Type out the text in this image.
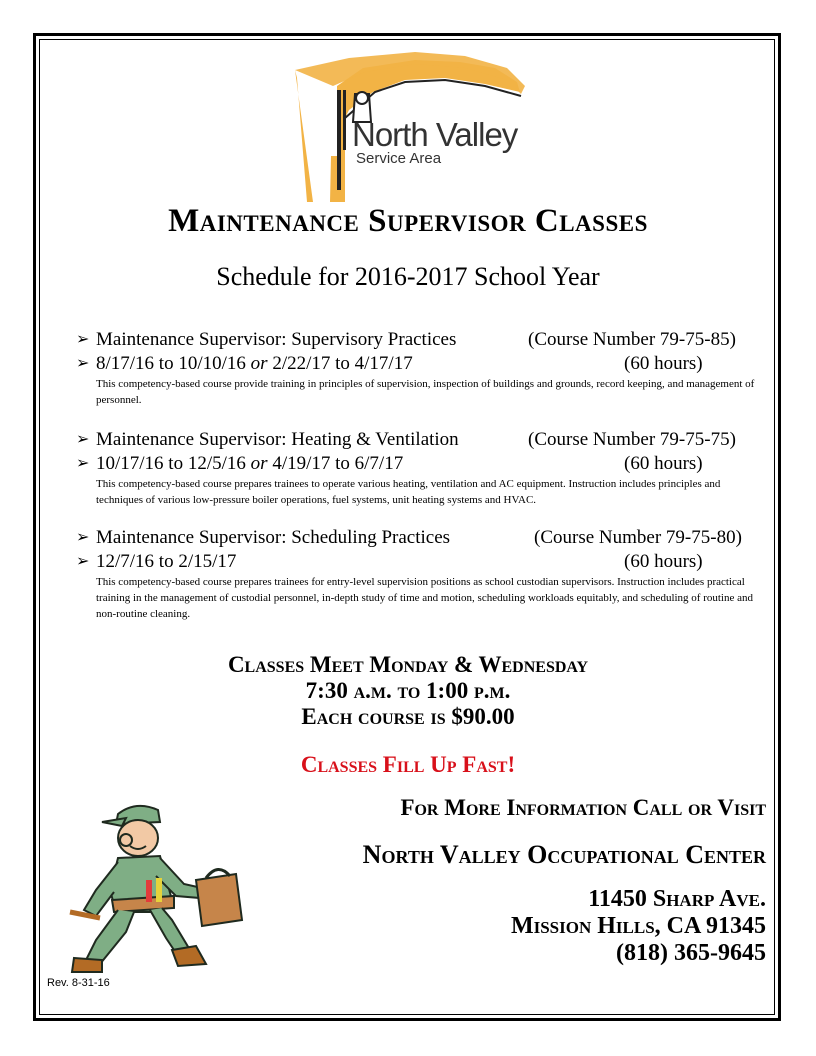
North Valley
Service Area
Maintenance Supervisor Classes
Schedule for 2016-2017 School Year
➢ Maintenance Supervisor: Supervisory Practices	(Course Number 79-75-85)
➢ 8/17/16 to 10/10/16 or 2/22/17 to 4/17/17	(60 hours)
This competency-based course provide training in principles of supervision, inspection of buildings and grounds, record keeping, and management of personnel.
➢ Maintenance Supervisor: Heating & Ventilation	(Course Number 79-75-75)
➢ 10/17/16 to 12/5/16 or 4/19/17 to 6/7/17	(60 hours)
This competency-based course prepares trainees to operate various heating, ventilation and AC equipment. Instruction includes principles and techniques of various low-pressure boiler operations, fuel systems, unit heating systems and HVAC.
➢ Maintenance Supervisor: Scheduling Practices	(Course Number 79-75-80)
➢ 12/7/16 to 2/15/17	(60 hours)
This competency-based course prepares trainees for entry-level supervision positions as school custodian supervisors. Instruction includes practical training in the management of custodial personnel, in-depth study of time and motion, scheduling workloads equitably, and scheduling of routine and non-routine cleaning.
Classes Meet Monday & Wednesday
7:30 a.m. to 1:00 p.m.
Each course is $90.00
Classes Fill Up Fast!
For More Information Call or Visit
North Valley Occupational Center
11450 Sharp Ave.
Mission Hills, CA 91345
(818) 365-9645
Rev. 8-31-16
